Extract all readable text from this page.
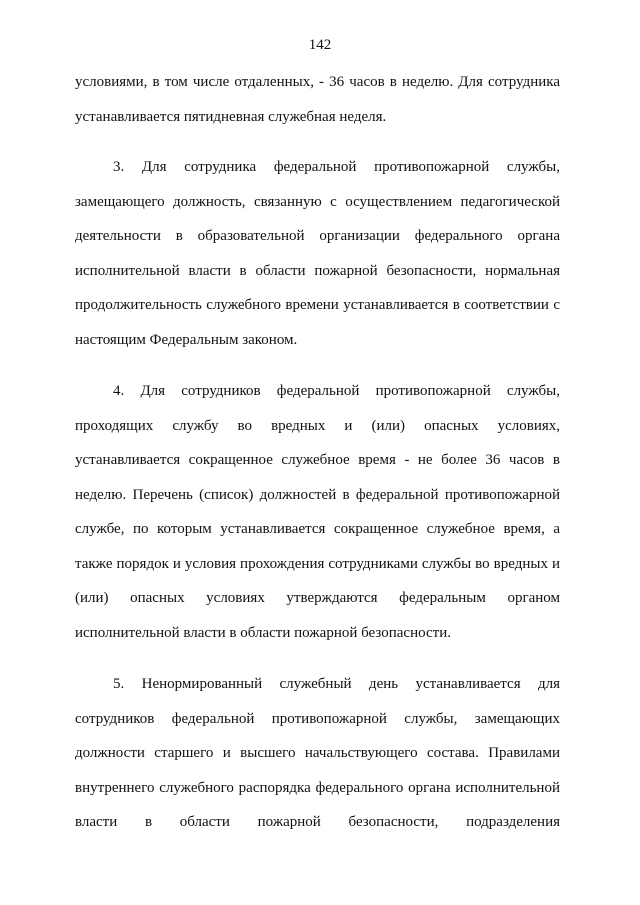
142

условиями, в том числе отдаленных, - 36 часов в неделю. Для сотрудника устанавливается пятидневная служебная неделя.

3. Для сотрудника федеральной противопожарной службы, замещающего должность, связанную с осуществлением педагогической деятельности в образовательной организации федерального органа исполнительной власти в области пожарной безопасности, нормальная продолжительность служебного времени устанавливается в соответствии с настоящим Федеральным законом.

4. Для сотрудников федеральной противопожарной службы, проходящих службу во вредных и (или) опасных условиях, устанавливается сокращенное служебное время - не более 36 часов в неделю. Перечень (список) должностей в федеральной противопожарной службе, по которым устанавливается сокращенное служебное время, а также порядок и условия прохождения сотрудниками службы во вредных и (или) опасных условиях утверждаются федеральным органом исполнительной власти в области пожарной безопасности.

5. Ненормированный служебный день устанавливается для сотрудников федеральной противопожарной службы, замещающих должности старшего и высшего начальствующего состава. Правилами внутреннего служебного распорядка федерального органа исполнительной власти в области пожарной безопасности, подразделения
